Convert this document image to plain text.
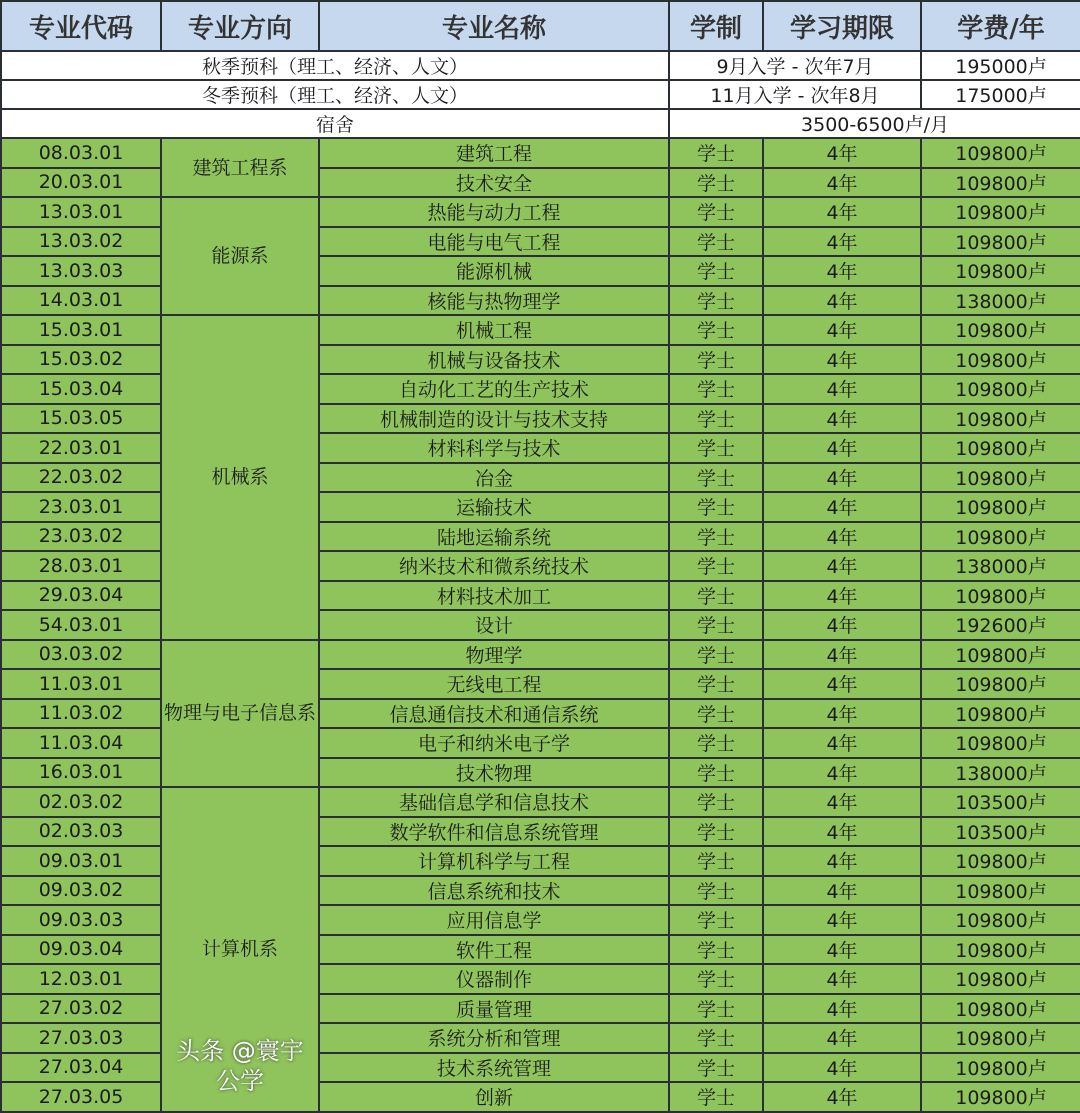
专业代码	专业方向	专业名称	学制	学习期限	学费/年
秋季预科（理工、经济、人文）			9月入学 - 次年7月		195000卢
冬季预科（理工、经济、人文）			11月入学 - 次年8月		175000卢
宿舍			3500-6500卢/月		
08.03.01	建筑工程系	建筑工程	学士	4年	109800卢
20.03.01		技术安全	学士	4年	109800卢
13.03.01	能源系	热能与动力工程	学士	4年	109800卢
13.03.02		电能与电气工程	学士	4年	109800卢
13.03.03		能源机械	学士	4年	109800卢
14.03.01		核能与热物理学	学士	4年	138000卢
15.03.01	机械系	机械工程	学士	4年	109800卢
15.03.02		机械与设备技术	学士	4年	109800卢
15.03.04		自动化工艺的生产技术	学士	4年	109800卢
15.03.05		机械制造的设计与技术支持	学士	4年	109800卢
22.03.01		材料科学与技术	学士	4年	109800卢
22.03.02		冶金	学士	4年	109800卢
23.03.01		运输技术	学士	4年	109800卢
23.03.02		陆地运输系统	学士	4年	109800卢
28.03.01		纳米技术和微系统技术	学士	4年	138000卢
29.03.04		材料技术加工	学士	4年	109800卢
54.03.01		设计	学士	4年	192600卢
03.03.02	物理与电子信息系	物理学	学士	4年	109800卢
11.03.01		无线电工程	学士	4年	109800卢
11.03.02		信息通信技术和通信系统	学士	4年	109800卢
11.03.04		电子和纳米电子学	学士	4年	109800卢
16.03.01		技术物理	学士	4年	138000卢
02.03.02	计算机系	基础信息学和信息技术	学士	4年	103500卢
02.03.03		数学软件和信息系统管理	学士	4年	103500卢
09.03.01		计算机科学与工程	学士	4年	109800卢
09.03.02		信息系统和技术	学士	4年	109800卢
09.03.03		应用信息学	学士	4年	109800卢
09.03.04		软件工程	学士	4年	109800卢
12.03.01		仪器制作	学士	4年	109800卢
27.03.02		质量管理	学士	4年	109800卢
27.03.03		系统分析和管理	学士	4年	109800卢
27.03.04		技术系统管理	学士	4年	109800卢
27.03.05		创新	学士	4年	109800卢
头条 @寰宇公学
